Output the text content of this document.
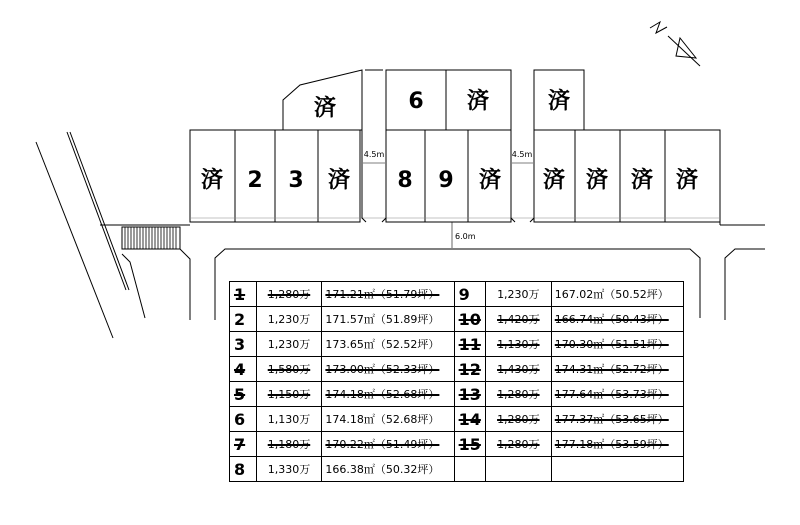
済	6 済	済
済 2 3 済 8 9 済 済 済 済 済
4.5m	4.5m
6.0m
1	1,280万	171.21㎡（51.79坪）	9	1,230万	167.02㎡（50.52坪）
2	1,230万	171.57㎡（51.89坪）	10	1,420万	166.74㎡（50.43坪）
3	1,230万	173.65㎡（52.52坪）	11	1,130万	170.30㎡（51.51坪）
4	1,580万	173.00㎡（52.33坪）	12	1,430万	174.31㎡（52.72坪）
5	1,150万	174.18㎡（52.68坪）	13	1,280万	177.64㎡（53.73坪）
6	1,130万	174.18㎡（52.68坪）	14	1,280万	177.37㎡（53.65坪）
7	1,180万	170.22㎡（51.49坪）	15	1,280万	177.18㎡（53.59坪）
8	1,330万	166.38㎡（50.32坪）			
